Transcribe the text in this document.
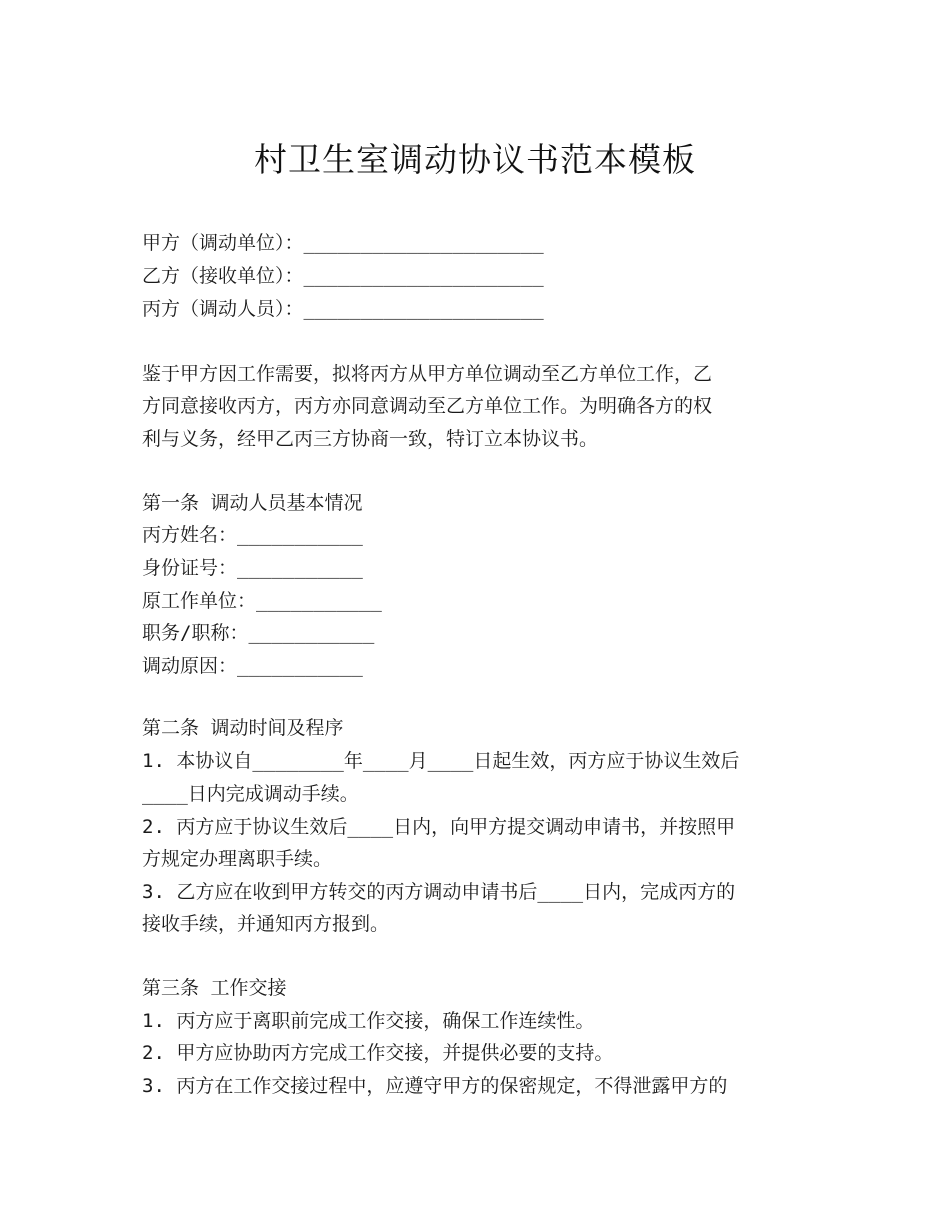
村卫生室调动协议书范本模板
甲方（调动单位）：_____________________
乙方（接收单位）：_____________________
丙方（调动人员）：_____________________
鉴于甲方因工作需要，拟将丙方从甲方单位调动至乙方单位工作，乙
方同意接收丙方，丙方亦同意调动至乙方单位工作。为明确各方的权
利与义务，经甲乙丙三方协商一致，特订立本协议书。
第一条 调动人员基本情况
丙方姓名：___________
身份证号：___________
原工作单位：___________
职务/职称：___________
调动原因：___________
第二条 调动时间及程序
1. 本协议自________年____月____日起生效，丙方应于协议生效后
____日内完成调动手续。
2. 丙方应于协议生效后____日内，向甲方提交调动申请书，并按照甲
方规定办理离职手续。
3. 乙方应在收到甲方转交的丙方调动申请书后____日内，完成丙方的
接收手续，并通知丙方报到。
第三条 工作交接
1. 丙方应于离职前完成工作交接，确保工作连续性。
2. 甲方应协助丙方完成工作交接，并提供必要的支持。
3. 丙方在工作交接过程中，应遵守甲方的保密规定，不得泄露甲方的
